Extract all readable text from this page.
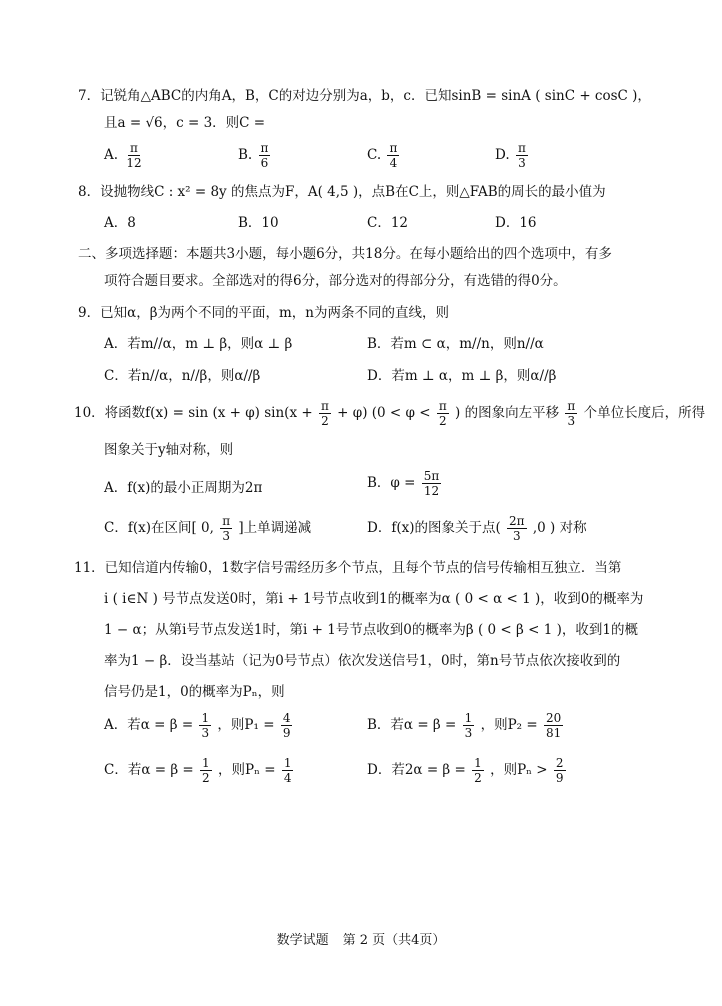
7．记锐角△ABC的内角A，B，C的对边分别为a，b，c．已知sinB = sinA ( sinC + cosC )，
且a = √6，c = 3．则C =
A. $\frac{\pi}{12}$	B. $\frac{\pi}{6}$	C. $\frac{\pi}{4}$	D. $\frac{\pi}{3}$
8．设抛物线C : x² = 8y 的焦点为F，A( 4,5 )，点B在C上，则△FAB的周长的最小值为
A．8	B．10	C．12	D．16
二、多项选择题：本题共3小题，每小题6分，共18分。在每小题给出的四个选项中，有多
项符合题目要求。全部选对的得6分，部分选对的得部分分，有选错的得0分。
9．已知α，β为两个不同的平面，m，n为两条不同的直线，则
A．若m//α，m ⊥ β，则α ⊥ β	B．若m ⊂ α，m//n，则n//α
C．若n//α，n//β，则α//β	D．若m ⊥ α，m ⊥ β，则α//β
10．将函数f(x) = sin (x + φ) $\sin(x + \frac{\pi}{2} + \varphi)$ ($0 < \varphi < \frac{\pi}{2}$ ) 的图象向左平移 $\frac{\pi}{3}$ 个单位长度后，所得
图象关于y轴对称，则
A．f(x)的最小正周期为2π	B．$\varphi = \frac{5\pi}{12}$
C．f(x)在区间[ 0, $\frac{\pi}{3}$ ]上单调递减	D．f(x)的图象关于点( $\frac{2\pi}{3} ,0$ ) 对称
11．已知信道内传输0，1数字信号需经历多个节点，且每个节点的信号传输相互独立．当第
i ( i∈N ) 号节点发送0时，第i + 1号节点收到1的概率为α ( 0 < α < 1 )，收到0的概率为
1 − α；从第i号节点发送1时，第i + 1号节点收到0的概率为β ( 0 < β < 1 )，收到1的概
率为1 − β．设当基站（记为0号节点）依次发送信号1，0时，第n号节点依次接收到的
信号仍是1，0的概率为Pₙ，则
A．若$\alpha = \beta = \frac{1}{3}$ ，则$P_1 = \frac{4}{9}$	B．若$\alpha = \beta = \frac{1}{3}$ ，则$P_2 = \frac{20}{81}$
C．若$\alpha = \beta = \frac{1}{2}$ ，则$P_n = \frac{1}{4}$	D．若$2\alpha = \beta = \frac{1}{2}$ ，则$P_n > \frac{2}{9}$
数学试题 第 2 页（共4页）
